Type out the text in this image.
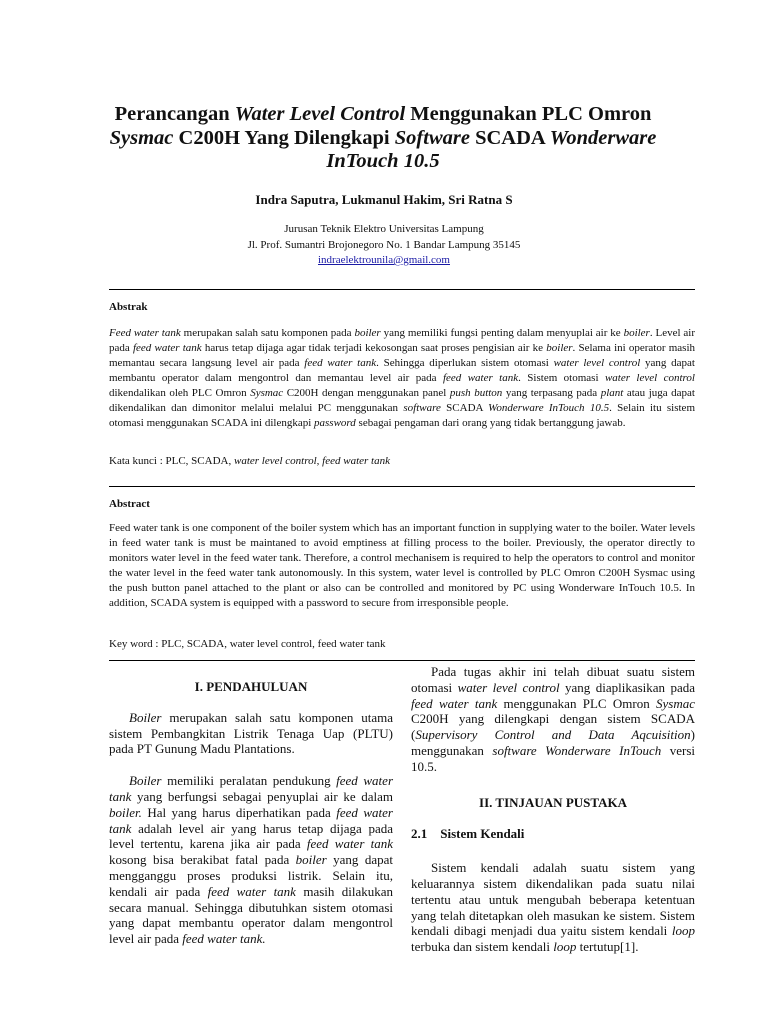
Perancangan Water Level Control Menggunakan PLC Omron
Sysmac C200H Yang Dilengkapi Software SCADA Wonderware
InTouch 10.5
Indra Saputra, Lukmanul Hakim, Sri Ratna S
Jurusan Teknik Elektro Universitas Lampung
Jl. Prof. Sumantri Brojonegoro No. 1 Bandar Lampung 35145
indraelektrounila@gmail.com
Abstrak
Feed water tank merupakan salah satu komponen pada boiler yang memiliki fungsi penting dalam menyuplai air ke boiler. Level air pada feed water tank harus tetap dijaga agar tidak terjadi kekosongan saat proses pengisian air ke boiler. Selama ini operator masih memantau secara langsung level air pada feed water tank. Sehingga diperlukan sistem otomasi water level control yang dapat membantu operator dalam mengontrol dan memantau level air pada feed water tank. Sistem otomasi water level control dikendalikan oleh PLC Omron Sysmac C200H dengan menggunakan panel push button yang terpasang pada plant atau juga dapat dikendalikan dan dimonitor melalui melalui PC menggunakan software SCADA Wonderware InTouch 10.5. Selain itu sistem otomasi menggunakan SCADA ini dilengkapi password sebagai pengaman dari orang yang tidak bertanggung jawab.
Kata kunci : PLC, SCADA, water level control, feed water tank
Abstract
Feed water tank is one component of the boiler system which has an important function in supplying water to the boiler. Water levels in feed water tank is must be maintaned to avoid emptiness at filling process to the boiler. Previously, the operator directly to monitors water level in the feed water tank. Therefore, a control mechanisem is required to help the operators to control and monitor the water level in the feed water tank autonomously. In this system, water level is controlled by PLC Omron C200H Sysmac using the push button panel attached to the plant or also can be controlled and monitored by PC using Wonderware InTouch 10.5. In addition, SCADA system is equipped with a password to secure from irresponsible people.
Key word : PLC, SCADA, water level control, feed water tank
I. PENDAHULUAN

Boiler merupakan salah satu komponen utama sistem Pembangkitan Listrik Tenaga Uap (PLTU) pada PT Gunung Madu Plantations.

Boiler memiliki peralatan pendukung feed water tank yang berfungsi sebagai penyuplai air ke dalam boiler. Hal yang harus diperhatikan pada feed water tank adalah level air yang harus tetap dijaga pada level tertentu, karena jika air pada feed water tank kosong bisa berakibat fatal pada boiler yang dapat mengganggu proses produksi listrik. Selain itu, kendali air pada feed water tank masih dilakukan secara manual. Sehingga dibutuhkan sistem otomasi yang dapat membantu operator dalam mengontrol level air pada feed water tank.

Pada tugas akhir ini telah dibuat suatu sistem otomasi water level control yang diaplikasikan pada feed water tank menggunakan PLC Omron Sysmac C200H yang dilengkapi dengan sistem SCADA (Supervisory Control and Data Aqcuisition) menggunakan software Wonderware InTouch versi 10.5.

II. TINJAUAN PUSTAKA
2.1    Sistem Kendali

Sistem kendali adalah suatu sistem yang keluarannya sistem dikendalikan pada suatu nilai tertentu atau untuk mengubah beberapa ketentuan yang telah ditetapkan oleh masukan ke sistem. Sistem kendali dibagi menjadi dua yaitu sistem kendali loop terbuka dan sistem kendali loop tertutup[1].
